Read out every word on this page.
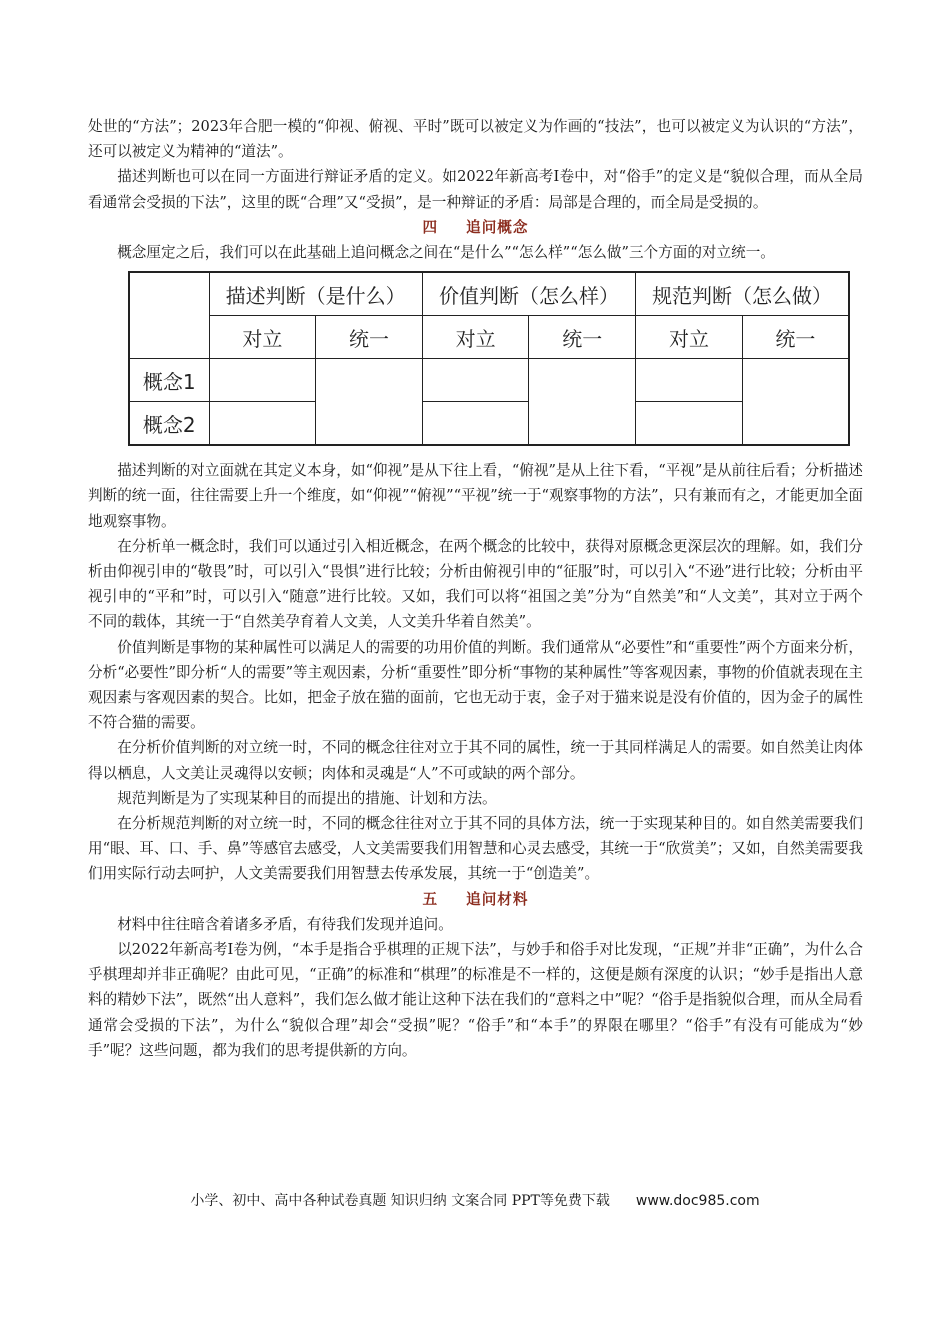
处世的“方法”；2023年合肥一模的“仰视、俯视、平时”既可以被定义为作画的“技法”，也可以被定义为认识的“方法”，还可以被定义为精神的“道法”。

描述判断也可以在同一方面进行辩证矛盾的定义。如2022年新高考I卷中，对“俗手”的定义是“貌似合理，而从全局看通常会受损的下法”，这里的既“合理”又“受损”，是一种辩证的矛盾：局部是合理的，而全局是受损的。

四 追问概念

概念厘定之后，我们可以在此基础上追问概念之间在“是什么”“怎么样”“怎么做”三个方面的对立统一。

	描述判断（是什么）		价值判断（怎么样）		规范判断（怎么做）	
	对立	统一	对立	统一	对立	统一
概念1						
概念2						

描述判断的对立面就在其定义本身，如“仰视”是从下往上看，“俯视”是从上往下看，“平视”是从前往后看；分析描述判断的统一面，往往需要上升一个维度，如“仰视”“俯视”“平视”统一于“观察事物的方法”，只有兼而有之，才能更加全面地观察事物。

在分析单一概念时，我们可以通过引入相近概念，在两个概念的比较中，获得对原概念更深层次的理解。如，我们分析由仰视引申的“敬畏”时，可以引入“畏惧”进行比较；分析由俯视引申的“征服”时，可以引入“不逊”进行比较；分析由平视引申的“平和”时，可以引入“随意”进行比较。又如，我们可以将“祖国之美”分为“自然美”和“人文美”，其对立于两个不同的载体，其统一于“自然美孕育着人文美，人文美升华着自然美”。

价值判断是事物的某种属性可以满足人的需要的功用价值的判断。我们通常从“必要性”和“重要性”两个方面来分析，分析“必要性”即分析“人的需要”等主观因素，分析“重要性”即分析“事物的某种属性”等客观因素，事物的价值就表现在主观因素与客观因素的契合。比如，把金子放在猫的面前，它也无动于衷，金子对于猫来说是没有价值的，因为金子的属性不符合猫的需要。

在分析价值判断的对立统一时，不同的概念往往对立于其不同的属性，统一于其同样满足人的需要。如自然美让肉体得以栖息，人文美让灵魂得以安顿；肉体和灵魂是“人”不可或缺的两个部分。

规范判断是为了实现某种目的而提出的措施、计划和方法。

在分析规范判断的对立统一时，不同的概念往往对立于其不同的具体方法，统一于实现某种目的。如自然美需要我们用“眼、耳、口、手、鼻”等感官去感受，人文美需要我们用智慧和心灵去感受，其统一于“欣赏美”；又如，自然美需要我们用实际行动去呵护，人文美需要我们用智慧去传承发展，其统一于“创造美”。

五 追问材料

材料中往往暗含着诸多矛盾，有待我们发现并追问。

以2022年新高考I卷为例，“本手是指合乎棋理的正规下法”，与妙手和俗手对比发现，“正规”并非“正确”，为什么合乎棋理却并非正确呢？由此可见，“正确”的标准和“棋理”的标准是不一样的，这便是颇有深度的认识；“妙手是指出人意料的精妙下法”，既然“出人意料”，我们怎么做才能让这种下法在我们的“意料之中”呢？“俗手是指貌似合理，而从全局看通常会受损的下法”，为什么“貌似合理”却会“受损”呢？“俗手”和“本手”的界限在哪里？“俗手”有没有可能成为“妙手”呢？这些问题，都为我们的思考提供新的方向。

小学、初中、高中各种试卷真题 知识归纳 文案合同 PPT等免费下载 www.doc985.com
